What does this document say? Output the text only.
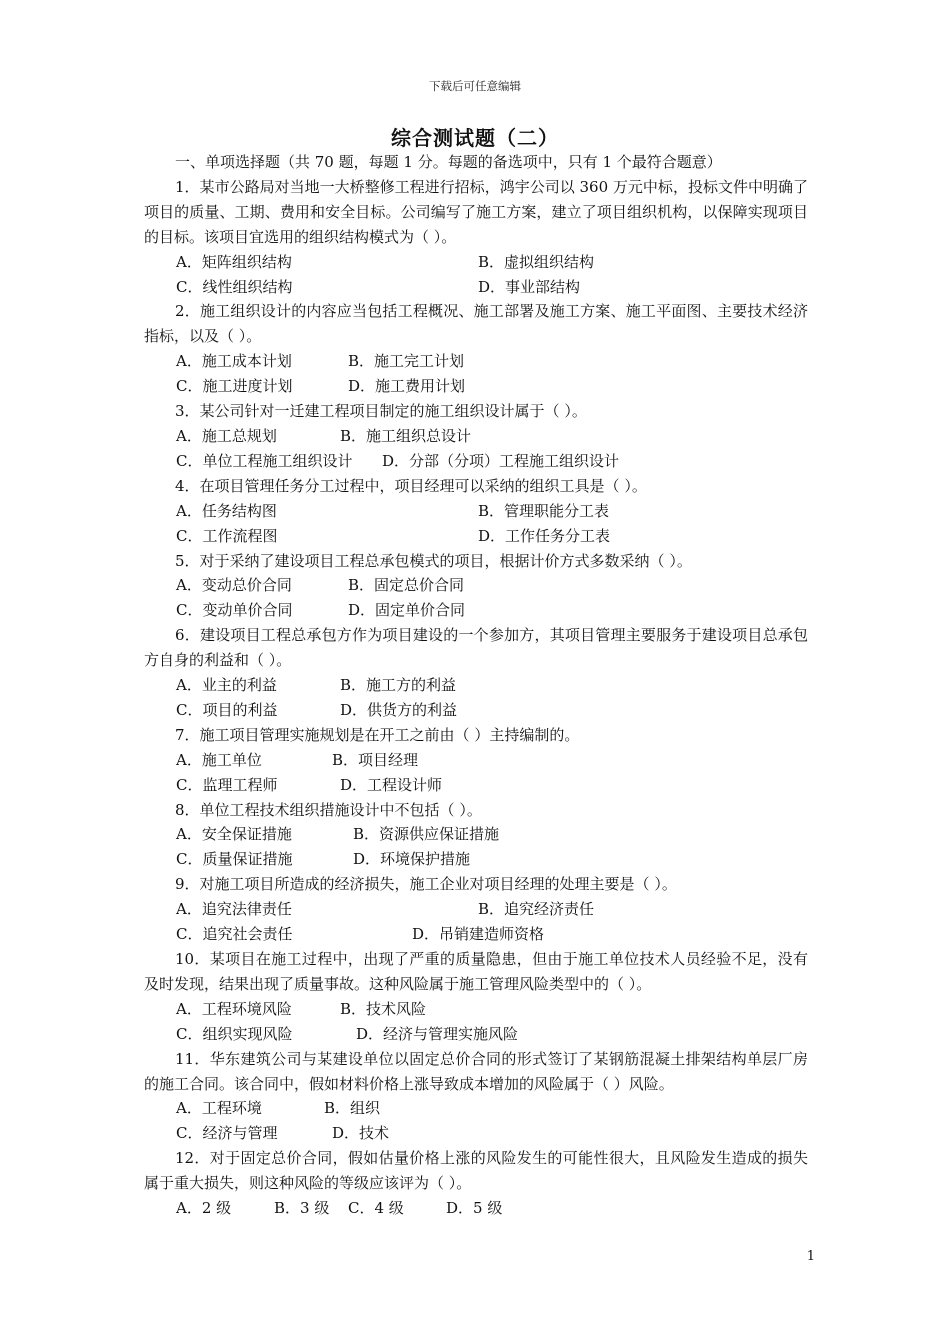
下载后可任意编辑
综合测试题（二）

一、单项选择题（共 70 题，每题 1 分。每题的备选项中，只有 1 个最符合题意）

1．某市公路局对当地一大桥整修工程进行招标，鸿宇公司以 360 万元中标，投标文件中明确了项目的质量、工期、费用和安全目标。公司编写了施工方案，建立了项目组织机构，以保障实现项目的目标。该项目宜选用的组织结构模式为（ ）。

A．矩阵组织结构	B．虚拟组织结构

C．线性组织结构	D．事业部结构

2．施工组织设计的内容应当包括工程概况、施工部署及施工方案、施工平面图、主要技术经济指标，以及（ ）。

A．施工成本计划	B．施工完工计划

C．施工进度计划	D．施工费用计划

3．某公司针对一迁建工程项目制定的施工组织设计属于（ ）。

A．施工总规划	B．施工组织总设计

C．单位工程施工组织设计 D．分部（分项）工程施工组织设计

4．在项目管理任务分工过程中，项目经理可以采纳的组织工具是（ ）。

A．任务结构图	B．管理职能分工表

C．工作流程图	D．工作任务分工表

5．对于采纳了建设项目工程总承包模式的项目，根据计价方式多数采纳（ ）。

A．变动总价合同	B．固定总价合同

C．变动单价合同	D．固定单价合同

6．建设项目工程总承包方作为项目建设的一个参加方，其项目管理主要服务于建设项目总承包方自身的利益和（ ）。

A．业主的利益	B．施工方的利益

C．项目的利益	D．供货方的利益

7．施工项目管理实施规划是在开工之前由（ ）主持编制的。

A．施工单位	B．项目经理

C．监理工程师	D．工程设计师

8．单位工程技术组织措施设计中不包括（ ）。

A．安全保证措施	B．资源供应保证措施

C．质量保证措施	D．环境保护措施

9．对施工项目所造成的经济损失，施工企业对项目经理的处理主要是（ ）。

A．追究法律责任	B．追究经济责任

C．追究社会责任	D．吊销建造师资格

10．某项目在施工过程中，出现了严重的质量隐患，但由于施工单位技术人员经验不足，没有及时发现，结果出现了质量事故。这种风险属于施工管理风险类型中的（ ）。

A．工程环境风险	B．技术风险

C．组织实现风险	D．经济与管理实施风险

11．华东建筑公司与某建设单位以固定总价合同的形式签订了某钢筋混凝土排架结构单层厂房的施工合同。该合同中，假如材料价格上涨导致成本增加的风险属于（ ）风险。

A．工程环境	B．组织

C．经济与管理	D．技术

12．对于固定总价合同，假如估量价格上涨的风险发生的可能性很大，且风险发生造成的损失属于重大损失，则这种风险的等级应该评为（ ）。

A．2 级	B．3 级 C．4 级	D．5 级

1
